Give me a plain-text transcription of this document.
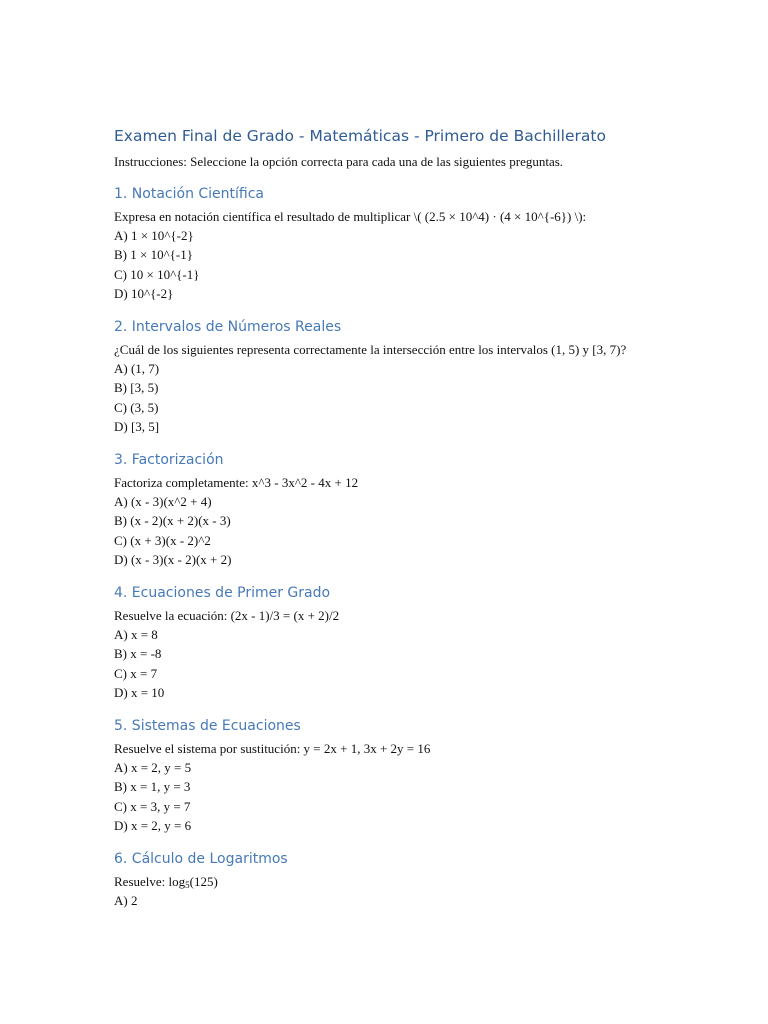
Examen Final de Grado - Matemáticas - Primero de Bachillerato

Instrucciones: Seleccione la opción correcta para cada una de las siguientes preguntas.

1. Notación Científica

Expresa en notación científica el resultado de multiplicar \( (2.5 × 10^4) · (4 × 10^{-6}) \):

A) 1 × 10^{-2}

B) 1 × 10^{-1}

C) 10 × 10^{-1}

D) 10^{-2}

2. Intervalos de Números Reales

¿Cuál de los siguientes representa correctamente la intersección entre los intervalos (1, 5) y [3, 7)?

A) (1, 7)

B) [3, 5)

C) (3, 5)

D) [3, 5]

3. Factorización

Factoriza completamente: x^3 - 3x^2 - 4x + 12

A) (x - 3)(x^2 + 4)

B) (x - 2)(x + 2)(x - 3)

C) (x + 3)(x - 2)^2

D) (x - 3)(x - 2)(x + 2)

4. Ecuaciones de Primer Grado

Resuelve la ecuación: (2x - 1)/3 = (x + 2)/2

A) x = 8

B) x = -8

C) x = 7

D) x = 10

5. Sistemas de Ecuaciones

Resuelve el sistema por sustitución: y = 2x + 1, 3x + 2y = 16

A) x = 2, y = 5

B) x = 1, y = 3

C) x = 3, y = 7

D) x = 2, y = 6

6. Cálculo de Logaritmos

Resuelve: $\log_5(125)$

A) 2
